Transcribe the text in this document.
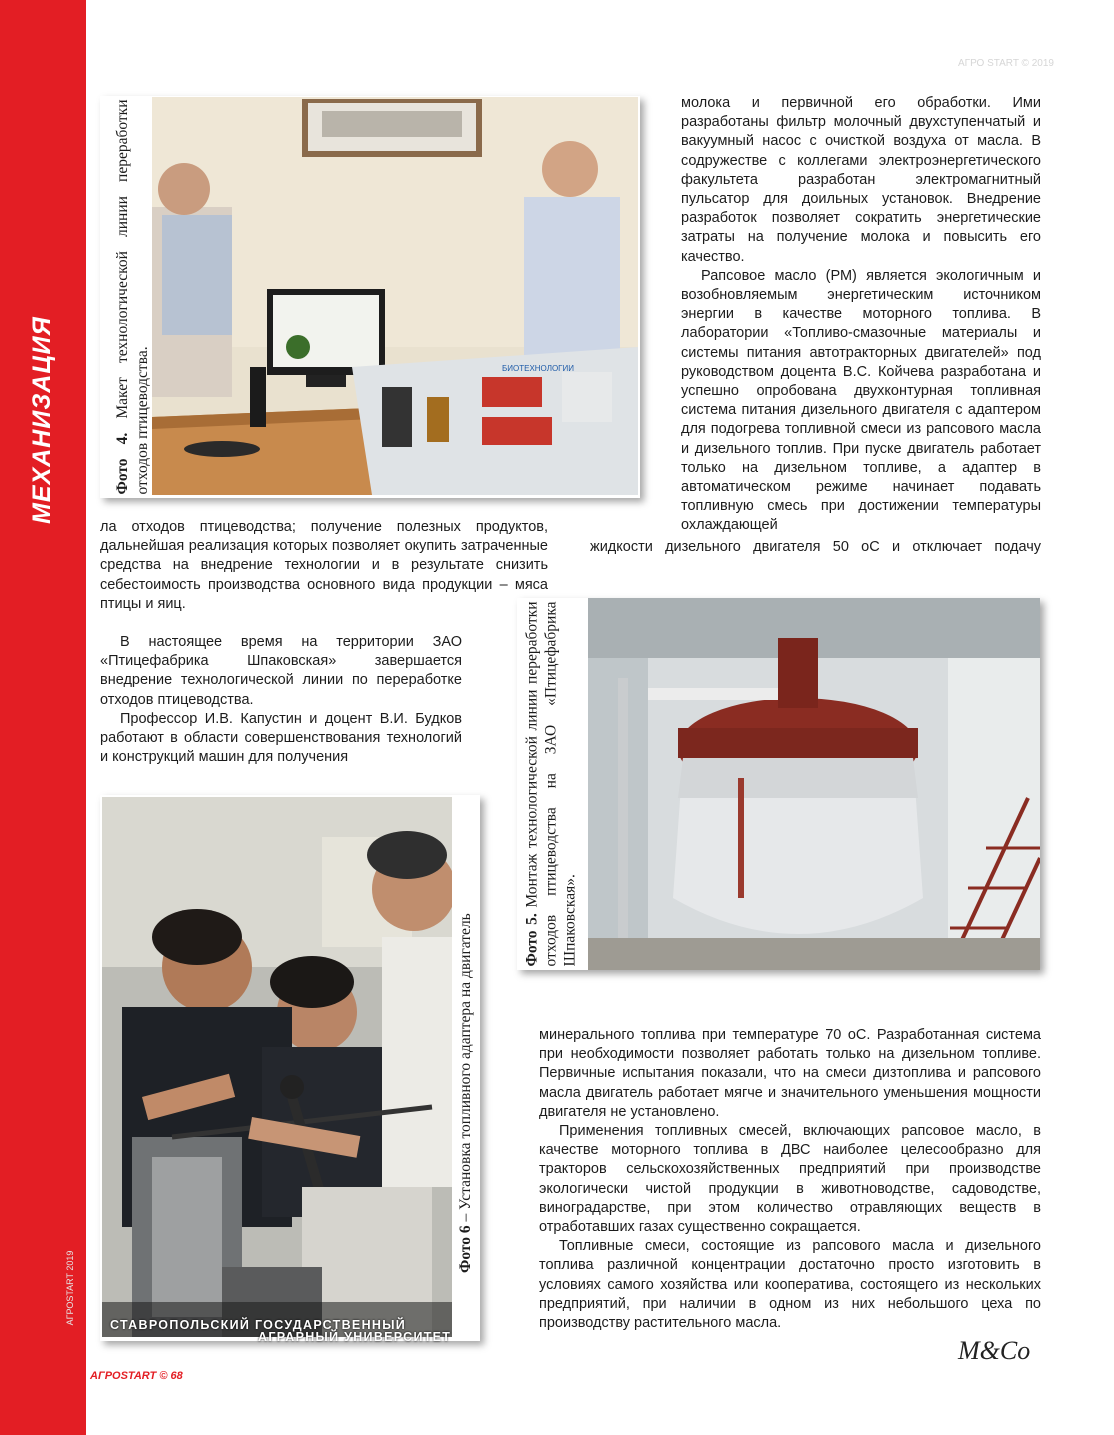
МЕХАНИЗАЦИЯ
АГРО START © 2019
АГРОSTART 2019
Фото 4. Макет технологической линии переработки отходов птицеводства.	БИОТЕХНОЛОГИИ

молока и первичной его обработки. Ими разработаны фильтр молочный двухступенчатый и вакуумный насос с очисткой воздуха от масла. В содружестве с коллегами электроэнергетического факультета разработан электромагнитный пульсатор для доильных установок. Внедрение разработок позволяет сократить энергетические затраты на получение молока и повысить его качество.

Рапсовое масло (РМ) является экологичным и возобновляемым энергетическим источником энергии в качестве моторного топлива. В лаборатории «Топливо-смазочные материалы и системы питания автотракторных двигателей» под руководством доцента В.С. Койчева разработана и успешно опробована двухконтурная топливная система питания дизельного двигателя с адаптером для подогрева топливной смеси из рапсового масла и дизельного топлив. При пуске двигатель работает только на дизельном топливе, а адаптер в автоматическом режиме начинает подавать топливную смесь при достижении температуры охлаждающей

ла отходов птицеводства; получение полезных продуктов, дальнейшая реализация которых позволяет окупить затраченные средства на внедрение технологии и в результате снизить себестоимость производства основного вида продукции – мяса птицы и яиц.

жидкости дизельного двигателя 50 оС и отключает подачу

В настоящее время на территории ЗАО «Птицефабрика Шпаковская» завершается внедрение технологической линии по переработке отходов птицеводства.

Профессор И.В. Капустин и доцент В.И. Будков работают в области совершенствования технологий и конструкций машин для получения

Фото 5. Монтаж технологической линии переработки отходов птицеводства на ЗАО «Птицефабрика Шпаковская».
СТАВРОПОЛЬСКИЙ ГОСУДАРСТВЕННЫЙ
АГРАРНЫЙ УНИВЕРСИТЕТ
Фото 6 – Установка топливного адаптера на двигатель	минерального топлива при температуре 70 оС. Разработанная система при необходимости позволяет работать только на дизельном топливе. Первичные испытания показали, что на смеси дизтоплива и рапсового масла двигатель работает мягче и значительного уменьшения мощности двигателя не установлено.

Применения топливных смесей, включающих рапсовое масло, в качестве моторного топлива в ДВС наиболее целесообразно для тракторов сельскохозяйственных предприятий при производстве экологически чистой продукции в животноводстве, садоводстве, виноградарстве, при этом количество отравляющих веществ в отработавших газах существенно сокращается.

Топливные смеси, состоящие из рапсового масла и дизельного топлива различной концентрации достаточно просто изготовить в условиях самого хозяйства или кооператива, состоящего из нескольких предприятий, при наличии в одном из них небольшого цеха по производству растительного масла.

АГРОSTART © 68
M&Co
